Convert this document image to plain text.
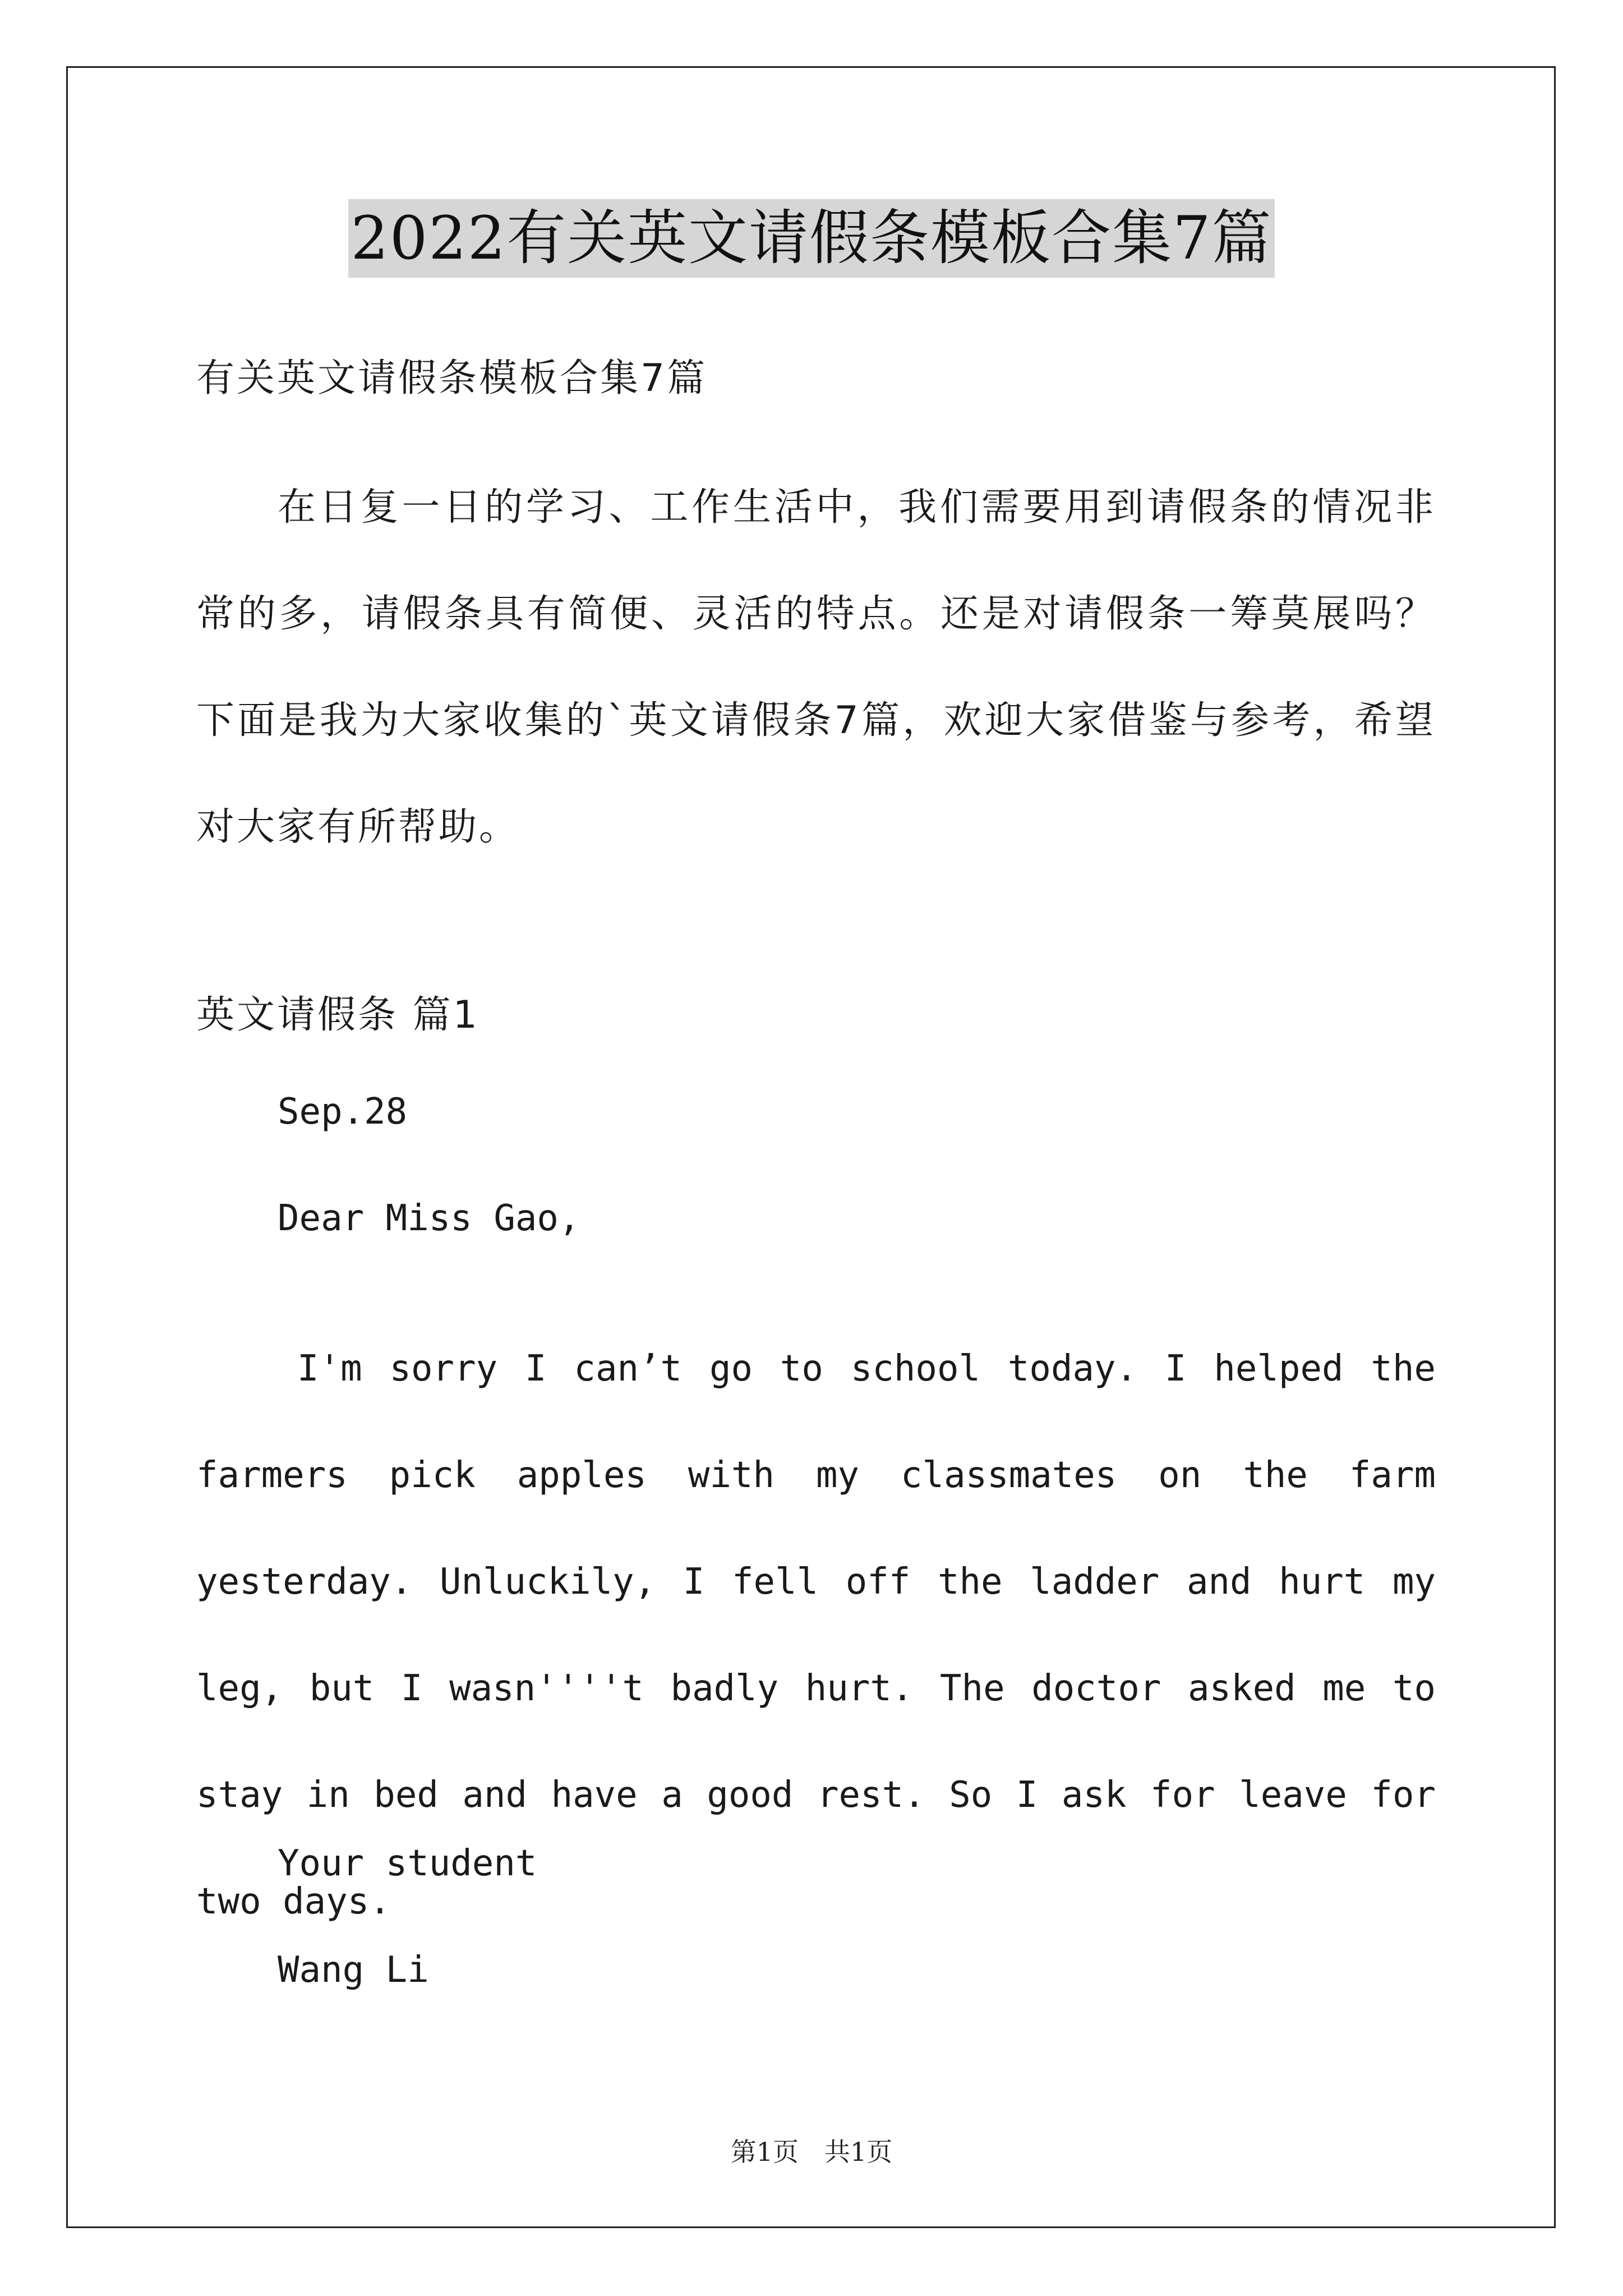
2022有关英文请假条模板合集7篇
有关英文请假条模板合集7篇
在日复一日的学习、工作生活中，我们需要用到请假条的情况非常的多，请假条具有简便、灵活的特点。还是对请假条一筹莫展吗？下面是我为大家收集的`英文请假条7篇，欢迎大家借鉴与参考，希望对大家有所帮助。
英文请假条 篇1
Sep.28
Dear Miss Gao,
I'm sorry I can’t go to school today. I helped the farmers pick apples with my classmates on the farm yesterday. Unluckily, I fell off the ladder and hurt my leg, but I wasn''''t badly hurt. The doctor asked me to stay in bed and have a good rest. So I ask for leave for two days.
Your student
Wang Li
第1页　共1页
